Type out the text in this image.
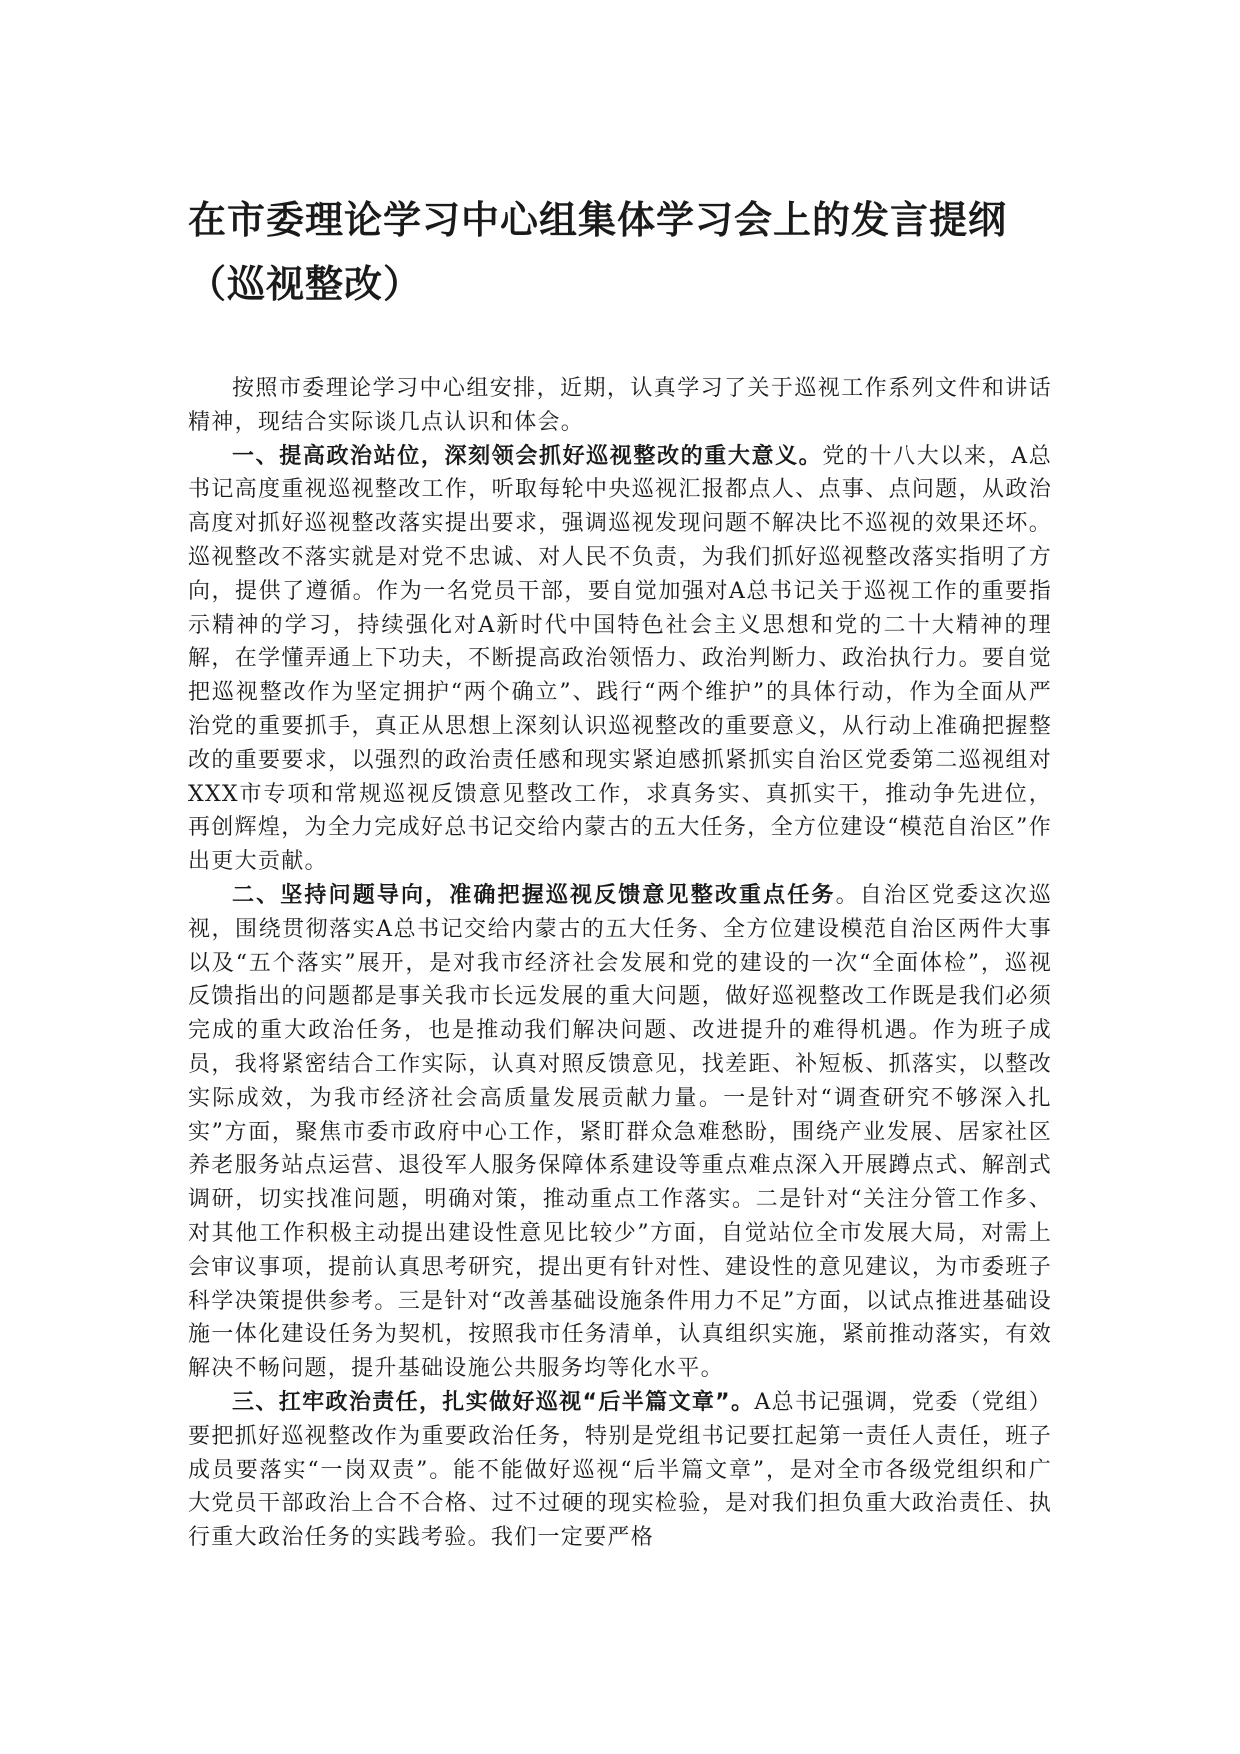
在市委理论学习中心组集体学习会上的发言提纲（巡视整改）

按照市委理论学习中心组安排，近期，认真学习了关于巡视工作系列文件和讲话精神，现结合实际谈几点认识和体会。

一、提高政治站位，深刻领会抓好巡视整改的重大意义。党的十八大以来，A总书记高度重视巡视整改工作，听取每轮中央巡视汇报都点人、点事、点问题，从政治高度对抓好巡视整改落实提出要求，强调巡视发现问题不解决比不巡视的效果还坏。巡视整改不落实就是对党不忠诚、对人民不负责，为我们抓好巡视整改落实指明了方向，提供了遵循。作为一名党员干部，要自觉加强对A总书记关于巡视工作的重要指示精神的学习，持续强化对A新时代中国特色社会主义思想和党的二十大精神的理解，在学懂弄通上下功夫，不断提高政治领悟力、政治判断力、政治执行力。要自觉把巡视整改作为坚定拥护“两个确立”、践行“两个维护”的具体行动，作为全面从严治党的重要抓手，真正从思想上深刻认识巡视整改的重要意义，从行动上准确把握整改的重要要求，以强烈的政治责任感和现实紧迫感抓紧抓实自治区党委第二巡视组对XXX市专项和常规巡视反馈意见整改工作，求真务实、真抓实干，推动争先进位，再创辉煌，为全力完成好总书记交给内蒙古的五大任务，全方位建设“模范自治区”作出更大贡献。

二、坚持问题导向，准确把握巡视反馈意见整改重点任务。自治区党委这次巡视，围绕贯彻落实A总书记交给内蒙古的五大任务、全方位建设模范自治区两件大事以及“五个落实”展开，是对我市经济社会发展和党的建设的一次“全面体检”，巡视反馈指出的问题都是事关我市长远发展的重大问题，做好巡视整改工作既是我们必须完成的重大政治任务，也是推动我们解决问题、改进提升的难得机遇。作为班子成员，我将紧密结合工作实际，认真对照反馈意见，找差距、补短板、抓落实，以整改实际成效，为我市经济社会高质量发展贡献力量。一是针对“调查研究不够深入扎实”方面，聚焦市委市政府中心工作，紧盯群众急难愁盼，围绕产业发展、居家社区养老服务站点运营、退役军人服务保障体系建设等重点难点深入开展蹲点式、解剖式调研，切实找准问题，明确对策，推动重点工作落实。二是针对“关注分管工作多、对其他工作积极主动提出建设性意见比较少”方面，自觉站位全市发展大局，对需上会审议事项，提前认真思考研究，提出更有针对性、建设性的意见建议，为市委班子科学决策提供参考。三是针对“改善基础设施条件用力不足”方面，以试点推进基础设施一体化建设任务为契机，按照我市任务清单，认真组织实施，紧前推动落实，有效解决不畅问题，提升基础设施公共服务均等化水平。

三、扛牢政治责任，扎实做好巡视“后半篇文章”。A总书记强调，党委（党组）要把抓好巡视整改作为重要政治任务，特别是党组书记要扛起第一责任人责任，班子成员要落实“一岗双责”。能不能做好巡视“后半篇文章”，是对全市各级党组织和广大党员干部政治上合不合格、过不过硬的现实检验，是对我们担负重大政治责任、执行重大政治任务的实践考验。我们一定要严格
